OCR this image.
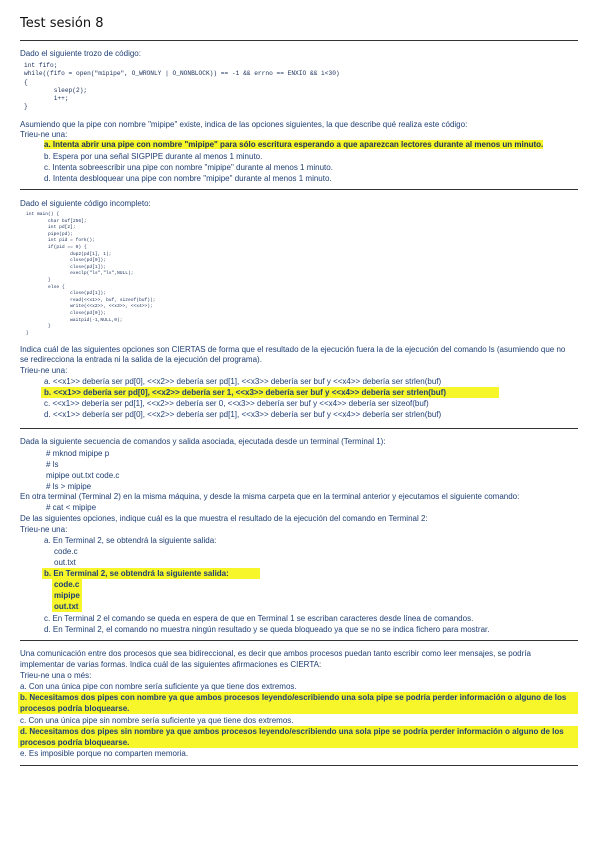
Test sesión 8
Dado el siguiente trozo de código:
int fifo;
while((fifo = open("mipipe", O_WRONLY | O_NONBLOCK)) == -1 && errno == ENXIO && i<30)
{
sleep(2);
i++;
}
Asumiendo que la pipe con nombre "mipipe" existe, indica de las opciones siguientes, la que describe qué realiza este código:
Trieu-ne una:
a. Intenta abrir una pipe con nombre "mipipe" para sólo escritura esperando a que aparezcan lectores durante al menos un minuto.
b. Espera por una señal SIGPIPE durante al menos 1 minuto.
c. Intenta sobreescribir una pipe con nombre "mipipe" durante al menos 1 minuto.
d. Intenta desbloquear una pipe con nombre "mipipe" durante al menos 1 minuto.
Dado el siguiente código incompleto:
int main() {
char buf[256];
int pd[2];
pipe(pd);
int pid = fork();
if(pid == 0) {
dup2(pd[1], 1);
close(pd[0]);
close(pd[1]);
execlp("ls","ls",NULL);
}
else {
close(pd[1]);
read(<<x1>>, buf, sizeof(buf));
write(<<x2>>, <<x3>>, <<x4>>);
close(pd[0]);
waitpid(-1,NULL,0);
}
}
Indica cuál de las siguientes opciones son CIERTAS de forma que el resultado de la ejecución fuera la de la ejecución del comando ls (asumiendo que no
se redirecciona la entrada ni la salida de la ejecución del programa).
Trieu-ne una:
a. <<x1>> debería ser pd[0], <<x2>> debería ser pd[1], <<x3>> debería ser buf y <<x4>> debería ser strlen(buf)
b. <<x1>> debería ser pd[0], <<x2>> debería ser 1, <<x3>> debería ser buf y <<x4>> debería ser strlen(buf)
c. <<x1>> debería ser pd[1], <<x2>> debería ser 0, <<x3>> debería ser buf y <<x4>> debería ser sizeof(buf)
d. <<x1>> debería ser pd[0], <<x2>> debería ser pd[1], <<x3>> debería ser buf y <<x4>> debería ser strlen(buf)
Dada la siguiente secuencia de comandos y salida asociada, ejecutada desde un terminal (Terminal 1):
# mknod mipipe p
# ls
mipipe out.txt code.c
# ls > mipipe
En otra terminal (Terminal 2) en la misma máquina, y desde la misma carpeta que en la terminal anterior y ejecutamos el siguiente comando:
# cat < mipipe
De las siguientes opciones, indique cuál es la que muestra el resultado de la ejecución del comando en Terminal 2:
Trieu-ne una:
a. En Terminal 2, se obtendrá la siguiente salida:
code.c
out.txt
b. En Terminal 2, se obtendrá la siguiente salida:
code.c
mipipe
out.txt
c. En Terminal 2 el comando se queda en espera de que en Terminal 1 se escriban caracteres desde línea de comandos.
d. En Terminal 2, el comando no muestra ningún resultado y se queda bloqueado ya que se no se indica fichero para mostrar.
Una comunicación entre dos procesos que sea bidireccional, es decir que ambos procesos puedan tanto escribir como leer mensajes, se podría
implementar de varias formas. Indica cuál de las siguientes afirmaciones es CIERTA:
Trieu-ne una o més:
a. Con una única pipe con nombre sería suficiente ya que tiene dos extremos.
b. Necesitamos dos pipes con nombre ya que ambos procesos leyendo/escribiendo una sola pipe se podría perder información o alguno de los
procesos podría bloquearse.
c. Con una única pipe sin nombre sería suficiente ya que tiene dos extremos.
d. Necesitamos dos pipes sin nombre ya que ambos procesos leyendo/escribiendo una sola pipe se podría perder información o alguno de los
procesos podría bloquearse.
e. Es imposible porque no comparten memoria.
